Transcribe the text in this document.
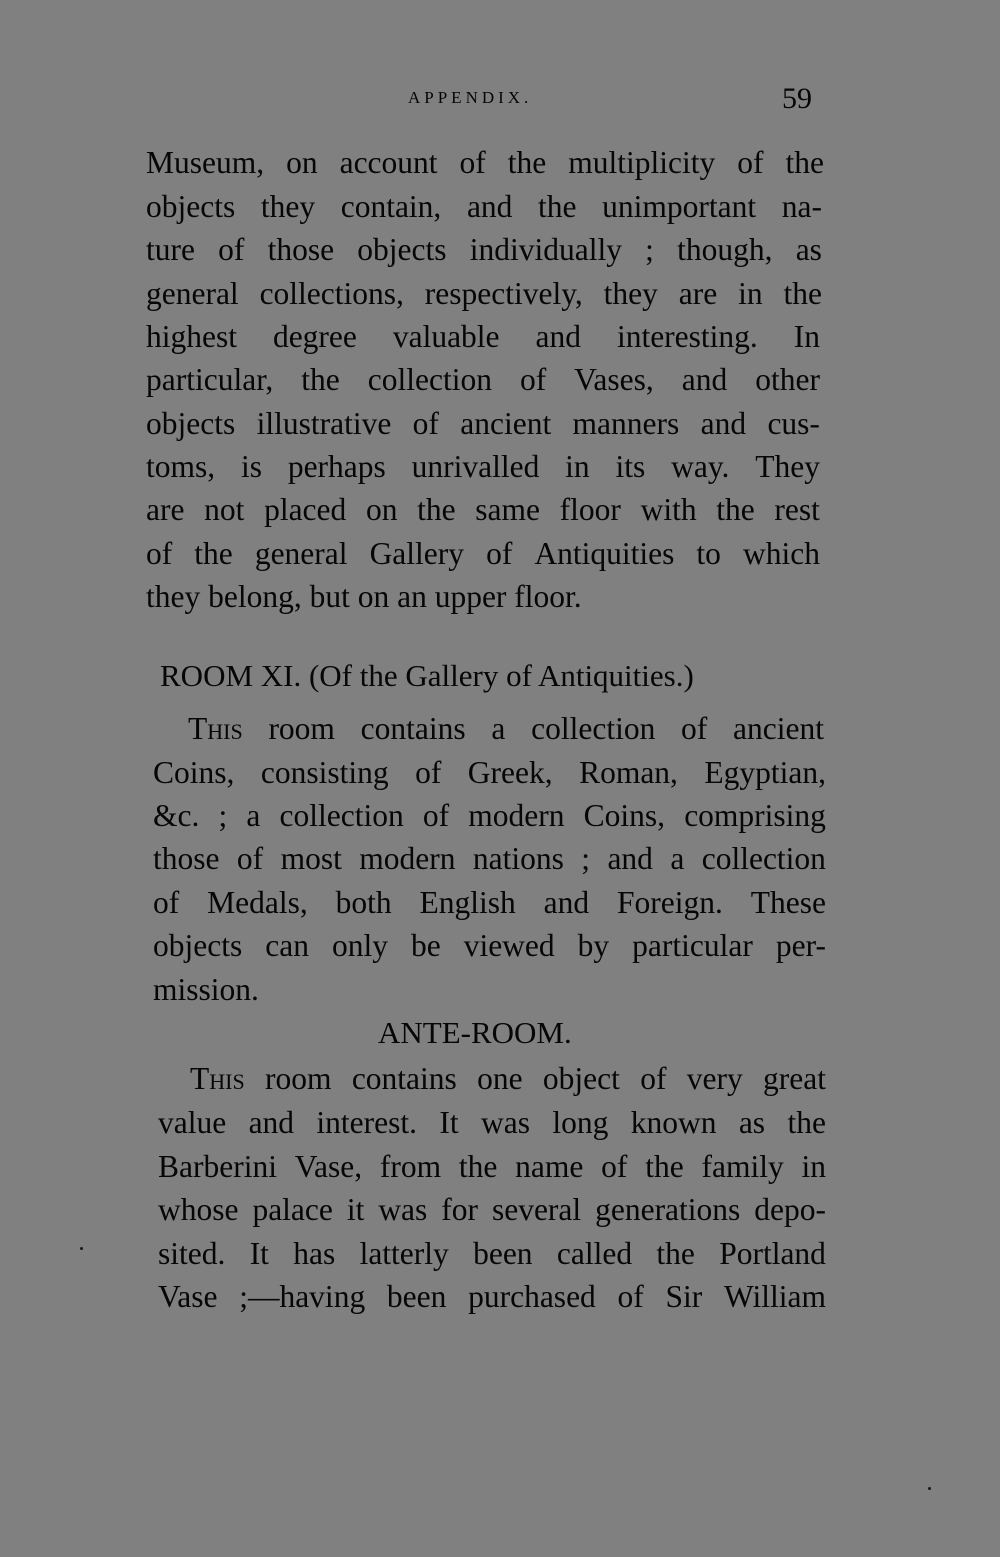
APPENDIX.	59
Museum, on account of the multiplicity of the
objects they contain, and the unimportant na-
ture of those objects individually ; though, as
general collections, respectively, they are in the
highest degree valuable and interesting. In
particular, the collection of Vases, and other
objects illustrative of ancient manners and cus-
toms, is perhaps unrivalled in its way. They
are not placed on the same floor with the rest
of the general Gallery of Antiquities to which
they belong, but on an upper floor.
ROOM XI. (Of the Gallery of Antiquities.)
This room contains a collection of ancient
Coins, consisting of Greek, Roman, Egyptian,
&c. ; a collection of modern Coins, comprising
those of most modern nations ; and a collection
of Medals, both English and Foreign. These
objects can only be viewed by particular per-
mission.
ANTE-ROOM.
This room contains one object of very great
value and interest. It was long known as the
Barberini Vase, from the name of the family in
whose palace it was for several generations depo-
sited. It has latterly been called the Portland
Vase ;—having been purchased of Sir William
